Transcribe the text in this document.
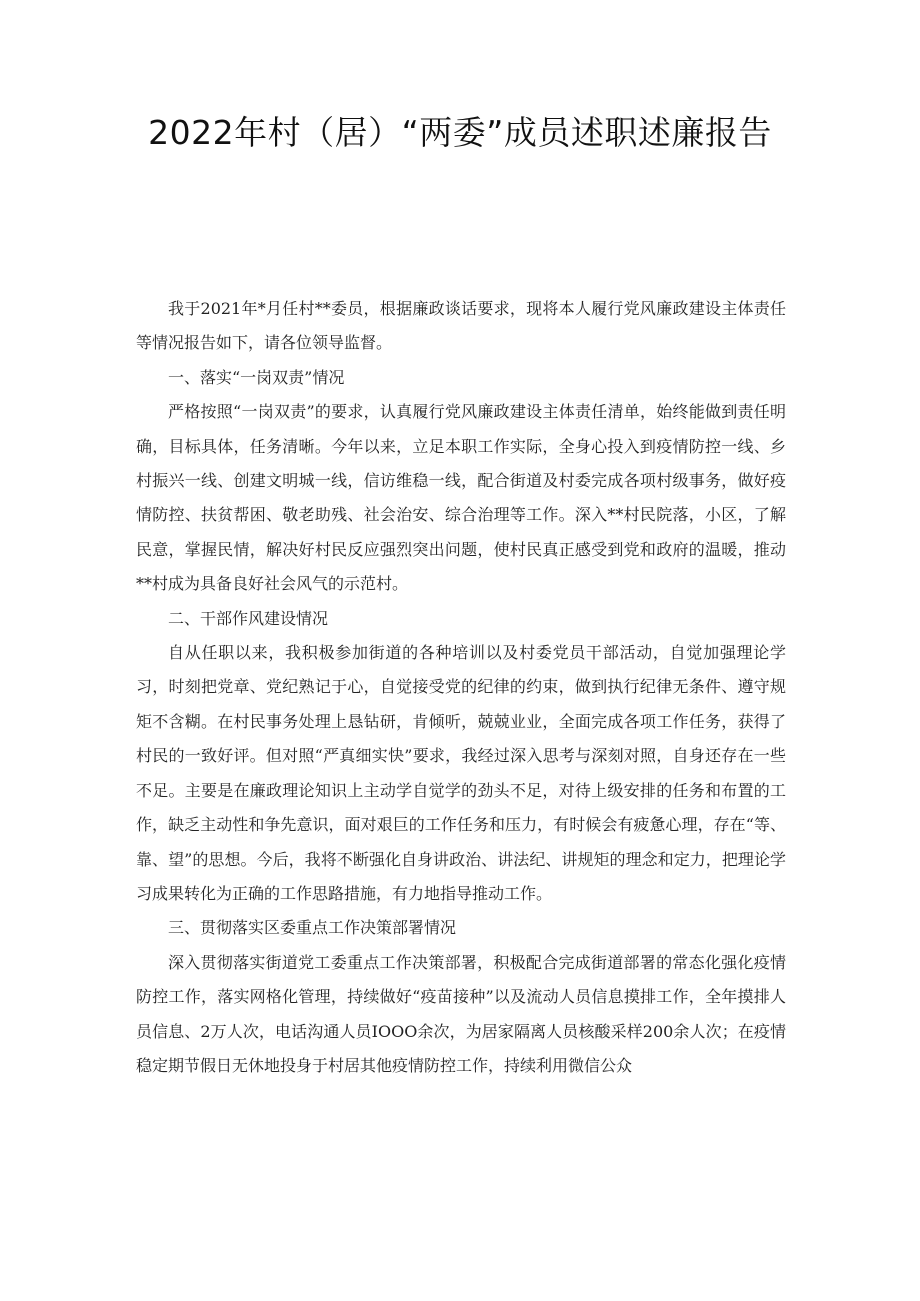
2022年村（居）“两委”成员述职述廉报告

我于2021年*月任村**委员，根据廉政谈话要求，现将本人履行党风廉政建设主体责任等情况报告如下，请各位领导监督。

一、落实“一岗双责”情况

严格按照“一岗双责”的要求，认真履行党风廉政建设主体责任清单，始终能做到责任明确，目标具体，任务清晰。今年以来，立足本职工作实际，全身心投入到疫情防控一线、乡村振兴一线、创建文明城一线，信访维稳一线，配合街道及村委完成各项村级事务，做好疫情防控、扶贫帮困、敬老助残、社会治安、综合治理等工作。深入**村民院落，小区，了解民意，掌握民情，解决好村民反应强烈突出问题，使村民真正感受到党和政府的温暖，推动**村成为具备良好社会风气的示范村。

二、干部作风建设情况

自从任职以来，我积极参加街道的各种培训以及村委党员干部活动，自觉加强理论学习，时刻把党章、党纪熟记于心，自觉接受党的纪律的约束，做到执行纪律无条件、遵守规矩不含糊。在村民事务处理上恳钻研，肯倾听，兢兢业业，全面完成各项工作任务，获得了村民的一致好评。但对照“严真细实快”要求，我经过深入思考与深刻对照，自身还存在一些不足。主要是在廉政理论知识上主动学自觉学的劲头不足，对待上级安排的任务和布置的工作，缺乏主动性和争先意识，面对艰巨的工作任务和压力，有时候会有疲惫心理，存在“等、靠、望”的思想。今后，我将不断强化自身讲政治、讲法纪、讲规矩的理念和定力，把理论学习成果转化为正确的工作思路措施，有力地指导推动工作。

三、贯彻落实区委重点工作决策部署情况

深入贯彻落实街道党工委重点工作决策部署，积极配合完成街道部署的常态化强化疫情防控工作，落实网格化管理，持续做好“疫苗接种”以及流动人员信息摸排工作，全年摸排人员信息、2万人次，电话沟通人员IOOO余次，为居家隔离人员核酸采样200余人次；在疫情稳定期节假日无休地投身于村居其他疫情防控工作，持续利用微信公众
